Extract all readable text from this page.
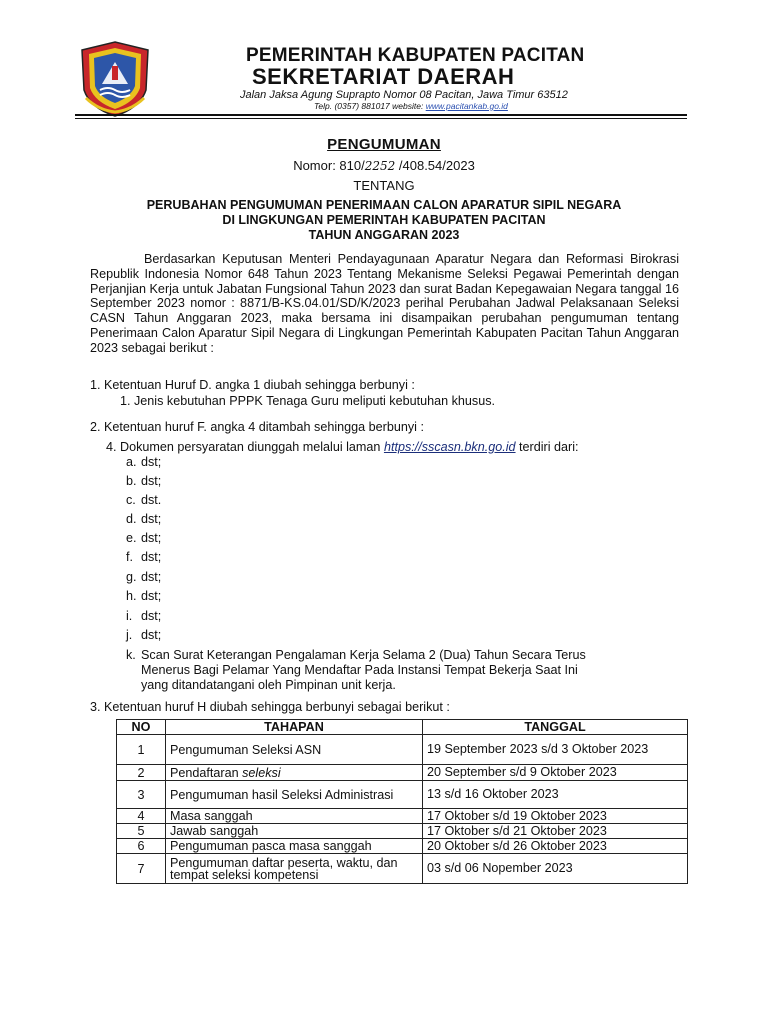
PEMERINTAH KABUPATEN PACITAN
SEKRETARIAT DAERAH
Jalan Jaksa Agung Suprapto Nomor 08 Pacitan, Jawa Timur 63512
Telp. (0357) 881017 website: www.pacitankab.go.id
PENGUMUMAN
Nomor: 810/2252 /408.54/2023
TENTANG
PERUBAHAN PENGUMUMAN PENERIMAAN CALON APARATUR SIPIL NEGARA
DI LINGKUNGAN PEMERINTAH KABUPATEN PACITAN
TAHUN ANGGARAN 2023
Berdasarkan Keputusan Menteri Pendayagunaan Aparatur Negara dan Reformasi Birokrasi Republik Indonesia Nomor 648 Tahun 2023 Tentang Mekanisme Seleksi Pegawai Pemerintah dengan Perjanjian Kerja untuk Jabatan Fungsional Tahun 2023 dan surat Badan Kepegawaian Negara tanggal 16 September 2023 nomor : 8871/B-KS.04.01/SD/K/2023 perihal Perubahan Jadwal Pelaksanaan Seleksi CASN Tahun Anggaran 2023, maka bersama ini disampaikan perubahan pengumuman tentang Penerimaan Calon Aparatur Sipil Negara di Lingkungan Pemerintah Kabupaten Pacitan Tahun Anggaran 2023 sebagai berikut :
1. Ketentuan Huruf D. angka 1 diubah sehingga berbunyi :
1. Jenis kebutuhan PPPK Tenaga Guru meliputi kebutuhan khusus.
2. Ketentuan huruf F. angka 4 ditambah sehingga berbunyi :
4. Dokumen persyaratan diunggah melalui laman https://sscasn.bkn.go.id terdiri dari:
a. dst;
b. dst;
c. dst.
d. dst;
e. dst;
f. dst;
g. dst;
h. dst;
i. dst;
j. dst;
k. Scan Surat Keterangan Pengalaman Kerja Selama 2 (Dua) Tahun Secara Terus
Menerus Bagi Pelamar Yang Mendaftar Pada Instansi Tempat Bekerja Saat Ini
yang ditandatangani oleh Pimpinan unit kerja.
3. Ketentuan huruf H diubah sehingga berbunyi sebagai berikut :
NO	TAHAPAN	TANGGAL
1	Pengumuman Seleksi ASN	19 September 2023 s/d 3 Oktober 2023
2	Pendaftaran seleksi	20 September s/d 9 Oktober 2023
3	Pengumuman hasil Seleksi Administrasi	13 s/d 16 Oktober 2023
4	Masa sanggah	17 Oktober s/d 19 Oktober 2023
5	Jawab sanggah	17 Oktober s/d 21 Oktober 2023
6	Pengumuman pasca masa sanggah	20 Oktober s/d 26 Oktober 2023
7	Pengumuman daftar peserta, waktu, dan tempat seleksi kompetensi	03 s/d 06 Nopember 2023
